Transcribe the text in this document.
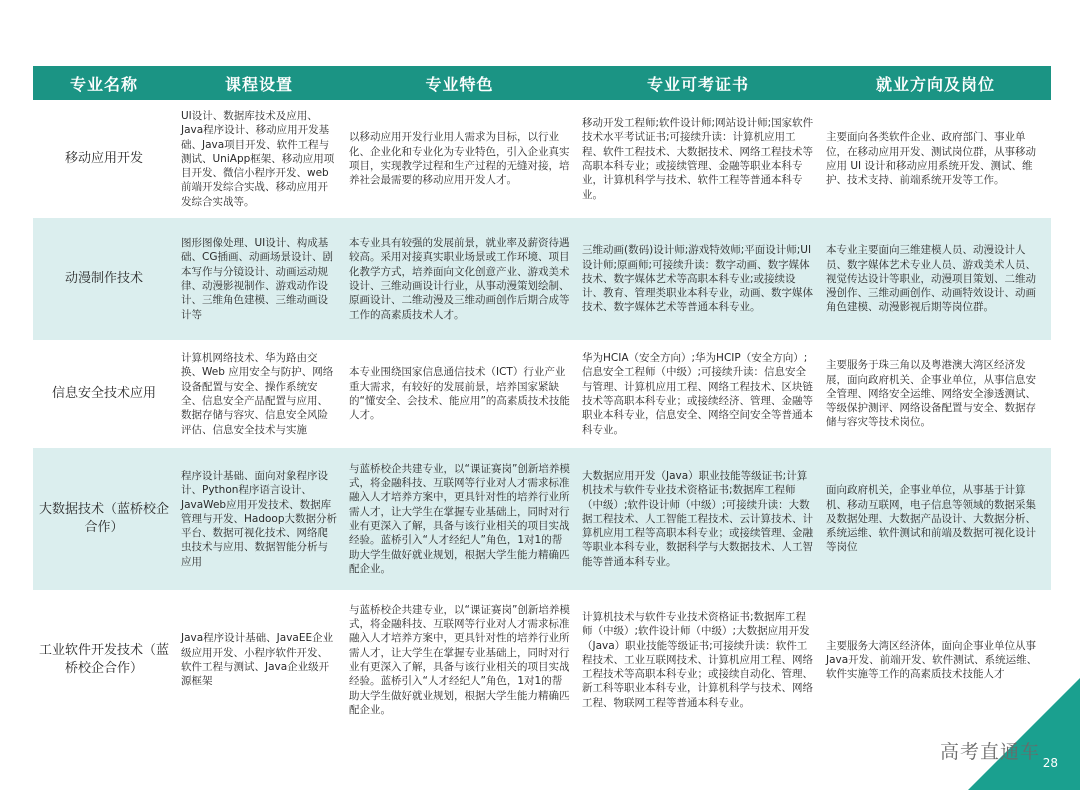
专业名称	课程设置	专业特色	专业可考证书	就业方向及岗位
移动应用开发	UI设计、数据库技术及应用、Java程序设计、移动应用开发基础、Java项目开发、软件工程与测试、UniApp框架、移动应用项目开发、微信小程序开发、web前端开发综合实战、移动应用开发综合实战等。	以移动应用开发行业用人需求为目标，以行业化、企业化和专业化为专业特色，引入企业真实项目，实现教学过程和生产过程的无缝对接，培养社会最需要的移动应用开发人才。	移动开发工程师;软件设计师;网站设计师;国家软件技术水平考试证书;可接续升读：计算机应用工程、软件工程技术、大数据技术、网络工程技术等高职本科专业；或接续管理、金融等职业本科专业，计算机科学与技术、软件工程等普通本科专业。	主要面向各类软件企业、政府部门、事业单位，在移动应用开发、测试岗位群，从事移动应用 UI 设计和移动应用系统开发、测试、维护、技术支持、前端系统开发等工作。
动漫制作技术	图形图像处理、UI设计、构成基础、CG插画、动画场景设计、剧本写作与分镜设计、动画运动规律、动漫影视制作、游戏动作设计、三维角色建模、三维动画设计等	本专业具有较强的发展前景，就业率及薪资待遇较高。采用对接真实职业场景或工作环境、项目化教学方式，培养面向文化创意产业、游戏美术设计、三维动画设计行业，从事动漫策划绘制、原画设计、二维动漫及三维动画创作后期合成等工作的高素质技术人才。	三维动画(数码)设计师;游戏特效师;平面设计师;UI设计师;原画师;可接续升读：数字动画、数字媒体技术、数字媒体艺术等高职本科专业;或接续设计、教育、管理类职业本科专业，动画、数字媒体技术、数字媒体艺术等普通本科专业。	本专业主要面向三维建模人员、动漫设计人员、数字媒体艺术专业人员、游戏美术人员、视觉传达设计等职业，动漫项目策划、二维动漫创作、三维动画创作、动画特效设计、动画角色建模、动漫影视后期等岗位群。
信息安全技术应用	计算机网络技术、华为路由交换、Web 应用安全与防护、网络设备配置与安全、操作系统安全、信息安全产品配置与应用、数据存储与容灾、信息安全风险评估、信息安全技术与实施	本专业围绕国家信息通信技术（ICT）行业产业重大需求，有较好的发展前景，培养国家紧缺的“懂安全、会技术、能应用”的高素质技术技能人才。	华为HCIA（安全方向）;华为HCIP（安全方向）;信息安全工程师（中级）;可接续升读：信息安全与管理、计算机应用工程、网络工程技术、区块链技术等高职本科专业；或接续经济、管理、金融等职业本科专业，信息安全、网络空间安全等普通本科专业。	主要服务于珠三角以及粤港澳大湾区经济发展，面向政府机关、企事业单位，从事信息安全管理、网络安全运维、网络安全渗透测试、等级保护测评、网络设备配置与安全、数据存储与容灾等技术岗位。
大数据技术（蓝桥校企合作）	程序设计基础、面向对象程序设计、Python程序语言设计、JavaWeb应用开发技术、数据库管理与开发、Hadoop大数据分析平台、数据可视化技术、网络爬虫技术与应用、数据智能分析与应用	与蓝桥校企共建专业，以“课证赛岗”创新培养模式，将金融科技、互联网等行业对人才需求标准融入人才培养方案中，更具针对性的培养行业所需人才，让大学生在掌握专业基础上，同时对行业有更深入了解，具备与该行业相关的项目实战经验。蓝桥引入“人才经纪人”角色，1对1的帮助大学生做好就业规划，根据大学生能力精确匹配企业。	大数据应用开发（Java）职业技能等级证书;计算机技术与软件专业技术资格证书;数据库工程师（中级）;软件设计师（中级）;可接续升读：大数据工程技术、人工智能工程技术、云计算技术、计算机应用工程等高职本科专业；或接续管理、金融等职业本科专业，数据科学与大数据技术、人工智能等普通本科专业。	面向政府机关，企事业单位，从事基于计算机、移动互联网，电子信息等领域的数据采集及数据处理、大数据产品设计、大数据分析、系统运维、软件测试和前端及数据可视化设计等岗位
工业软件开发技术（蓝桥校企合作）	Java程序设计基础、JavaEE企业级应用开发、小程序软件开发、软件工程与测试、Java企业级开源框架	与蓝桥校企共建专业，以“课证赛岗”创新培养模式，将金融科技、互联网等行业对人才需求标准融入人才培养方案中，更具针对性的培养行业所需人才，让大学生在掌握专业基础上，同时对行业有更深入了解，具备与该行业相关的项目实战经验。蓝桥引入“人才经纪人”角色，1对1的帮助大学生做好就业规划，根据大学生能力精确匹配企业。	计算机技术与软件专业技术资格证书;数据库工程师（中级）;软件设计师（中级）;大数据应用开发（Java）职业技能等级证书;可接续升读：软件工程技术、工业互联网技术、计算机应用工程、网络工程技术等高职本科专业；或接续自动化、管理、新工科等职业本科专业，计算机科学与技术、网络工程、物联网工程等普通本科专业。	主要服务大湾区经济体，面向企事业单位从事Java开发、前端开发、软件测试、系统运维、软件实施等工作的高素质技术技能人才
高考直通车 28
